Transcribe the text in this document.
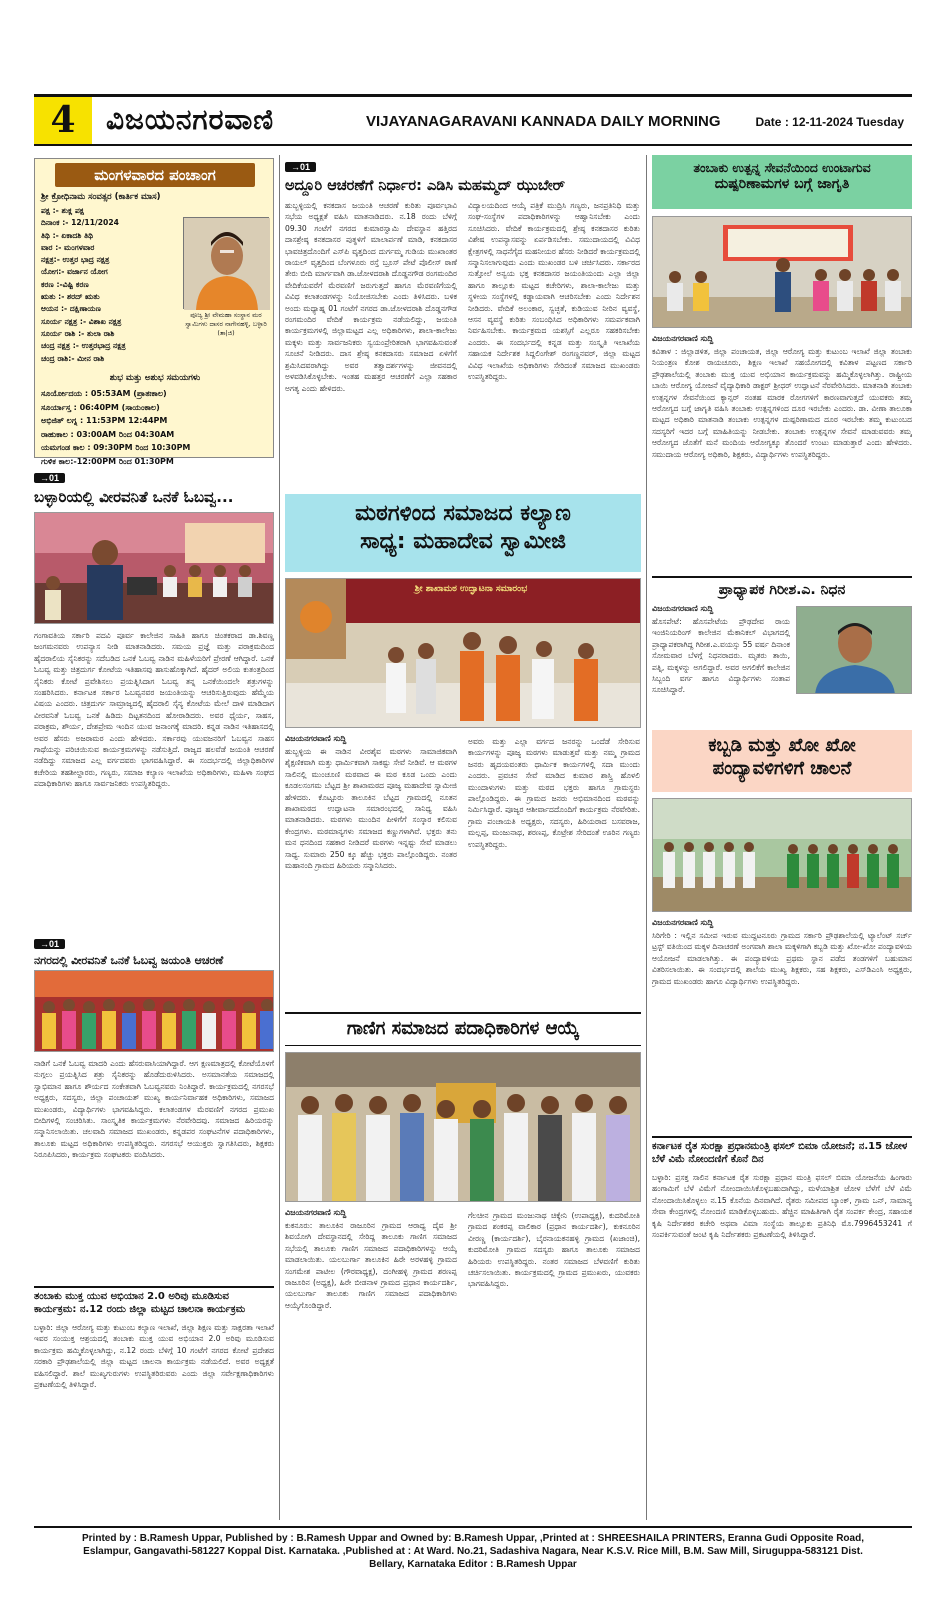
4	ವಿಜಯನಗರವಾಣಿ	VIJAYANAGARAVANI KANNADA DAILY MORNING	Date : 12-11-2024 Tuesday
ಮಂಗಳವಾರದ ಪಂಚಾಂಗ
ಶ್ರೀ ಕ್ರೋಧಿನಾಮ ಸಂವತ್ಸರ (ಕಾರ್ತಿಕ ಮಾಸ)
ಪಕ್ಷ :- ಶುಕ್ಲ ಪಕ್ಷ
ದಿನಾಂಕ :- 12/11/2024
ತಿಥಿ :- ಏಕಾದಶಿ ತಿಥಿ
ವಾರ :- ಮಂಗಳವಾರ
ನಕ್ಷತ್ರ:- ಉತ್ತರ ಭಾದ್ರ ನಕ್ಷತ್ರ
ಯೋಗ:- ವರ್ಜಾನ ಯೋಗ
ಕರಣ :-ವಿಷ್ಟಿ ಕರಣ
ಋತು :- ಶರದ್ ಋತು
ಆಯನ :- ದಕ್ಷಿಣಾಯಣ
ಸೂರ್ಯ ನಕ್ಷತ್ರ :- ವಿಶಾಖ ನಕ್ಷತ್ರ
ಸೂರ್ಯ ರಾಶಿ :- ತುಲಾ ರಾಶಿ
ಚಂದ್ರ ನಕ್ಷತ್ರ :- ಉತ್ತರಭಾದ್ರ ನಕ್ಷತ್ರ
ಚಂದ್ರ ರಾಶಿ:- ಮೀನ ರಾಶಿ
ಪೂಜ್ಯ ಶ್ರೀ ವೇಮಹಾ ಸಂಸ್ಥಾನ ಮಠ ಸ್ವಾಮಿಗಳು ದಾಸರ ನಾಗೇನಹಳ್ಳಿ, ಬಳ್ಳಾರಿ (ತಾ|ಜಿ)
ಶುಭ ಮತ್ತು ಅಶುಭ ಸಮಯಗಳು
ಸೂರ್ಯೋದಯ : 05:53AM (ಪ್ರಾತಃಕಾಲ)
ಸೂರ್ಯಾಸ್ತ : 06:40PM (ಸಾಯಂಕಾಲ)
ಅಭಿಜಿತ್ ಲಗ್ನ : 11:53PM 12:44PM
ರಾಹುಕಾಲ : 03:00AM ರಿಂದ 04:30AM
ಯಮಗಂಡ ಕಾಲ : 09:30PM ರಿಂದ 10:30PM
ಗುಳಿಕ ಕಾಲ:-12:00PM ರಿಂದ 01:30PM
→ 01
ಬಳ್ಳಾರಿಯಲ್ಲಿ ವೀರವನಿತೆ ಒನಕೆ ಓಬವ್ವ...
ಗಂಗಾವತಿಯ ಸರ್ಕಾರಿ ಪದವಿ ಪೂರ್ವ ಕಾಲೇಜಿನ ಸಾಹಿತಿ ಹಾಗೂ ಚಿಂತಕರಾದ ಡಾ.ಶಿವಣ್ಣ ಜಂಗಮನವರು ಉಪನ್ಯಾಸ ನೀಡಿ ಮಾತನಾಡಿದರು. ಸಮಯ ಪ್ರಜ್ಞೆ ಮತ್ತು ಪರಾಕ್ರಮದಿಂದ ಹೈದರಾಲಿಯ ಸೈನಿಕರನ್ನು ಸದೆಬಡಿದ ಒನಕೆ ಓಬವ್ವ ನಾಡಿನ ಮಹಿಳೆಯರಿಗೆ ಪ್ರೇರಣೆ ಆಗಿದ್ದಾರೆ. ಒನಕೆ ಓಬವ್ವ ಮತ್ತು ಚಿತ್ರದುರ್ಗ ಕೋಟೆಯ ಇತಿಹಾಸವು ಹಾಸುಹೊಕ್ಕಾಗಿದೆ. ಹೈದರ್ ಅಲಿಯ ಕುತಂತ್ರದಿಂದ ಸೈನಿಕರು ಕೋಟೆ ಪ್ರವೇಶಿಸಲು ಪ್ರಯತ್ನಿಸಿದಾಗ ಓಬವ್ವ ತನ್ನ ಒನಕೆಯಿಂದಲೇ ಶತ್ರುಗಳನ್ನು ಸಂಹರಿಸಿದರು. ಕರ್ನಾಟಕ ಸರ್ಕಾರ ಓಬವ್ವನವರ ಜಯಂತಿಯನ್ನು ಆಚರಿಸುತ್ತಿರುವುದು ಹೆಮ್ಮೆಯ ವಿಷಯ ಎಂದರು. ಚಿತ್ರದುರ್ಗ ಸಾಮ್ರಾಜ್ಯದಲ್ಲಿ ಹೈದರಾಲಿ ಸೈನ್ಯ ಕೋಟೆಯ ಮೇಲೆ ದಾಳಿ ಮಾಡಿದಾಗ ವೀರವನಿತೆ ಓಬವ್ವ ಒನಕೆ ಹಿಡಿದು ದಿಟ್ಟತನದಿಂದ ಹೋರಾಡಿದರು. ಅವರ ಧೈರ್ಯ, ಸಾಹಸ, ಪರಾಕ್ರಮ, ಶೌರ್ಯ, ದೇಶಪ್ರೇಮ ಇಂದಿನ ಯುವ ಜನಾಂಗಕ್ಕೆ ಮಾದರಿ. ಕನ್ನಡ ನಾಡಿನ ಇತಿಹಾಸದಲ್ಲಿ ಅವರ ಹೆಸರು ಅಜರಾಮರ ಎಂದು ಹೇಳಿದರು. ಸರ್ಕಾರವು ಯುವಜನರಿಗೆ ಓಬವ್ವನ ಸಾಹಸ ಗಾಥೆಯನ್ನು ಪರಿಚಯಿಸುವ ಕಾರ್ಯಕ್ರಮಗಳನ್ನು ನಡೆಸುತ್ತಿದೆ. ರಾಜ್ಯದ ಹಲವೆಡೆ ಜಯಂತಿ ಆಚರಣೆ ನಡೆದಿದ್ದು ಸಮಾಜದ ಎಲ್ಲ ವರ್ಗದವರು ಭಾಗವಹಿಸಿದ್ದಾರೆ. ಈ ಸಂದರ್ಭದಲ್ಲಿ ಜಿಲ್ಲಾಧಿಕಾರಿಗಳ ಕಚೇರಿಯ ತಹಶೀಲ್ದಾರರು, ಗಣ್ಯರು, ಸಮಾಜ ಕಲ್ಯಾಣ ಇಲಾಖೆಯ ಅಧಿಕಾರಿಗಳು, ಮಹಿಳಾ ಸಂಘದ ಪದಾಧಿಕಾರಿಗಳು ಹಾಗೂ ಸಾರ್ವಜನಿಕರು ಉಪಸ್ಥಿತರಿದ್ದರು.
→ 01
ನಗರದಲ್ಲಿ ವೀರವನಿತೆ ಒನಕೆ ಓಬವ್ವ ಜಯಂತಿ ಆಚರಣೆ
ನಾಡಿಗೆ ಒನಕೆ ಓಬವ್ವ ಮಾದರಿ ಎಂದು ಹೆಸರುವಾಸಿಯಾಗಿದ್ದಾರೆ. ಆಗ ಕ್ಷಣಮಾತ್ರದಲ್ಲಿ ಕೋಟೆಯೊಳಗೆ ನುಗ್ಗಲು ಪ್ರಯತ್ನಿಸಿದ ಶತ್ರು ಸೈನಿಕರನ್ನು ಹೊಡೆದುರುಳಿಸಿದರು. ಅಸಮಾನತೆಯ ಸಮಾಜದಲ್ಲಿ ಸ್ವಾಭಿಮಾನ ಹಾಗೂ ಶೌರ್ಯದ ಸಂಕೇತವಾಗಿ ಓಬವ್ವನವರು ನಿಂತಿದ್ದಾರೆ. ಕಾರ್ಯಕ್ರಮದಲ್ಲಿ ನಗರಸಭೆ ಅಧ್ಯಕ್ಷರು, ಸದಸ್ಯರು, ಜಿಲ್ಲಾ ಪಂಚಾಯತ್ ಮುಖ್ಯ ಕಾರ್ಯನಿರ್ವಾಹಕ ಅಧಿಕಾರಿಗಳು, ಸಮಾಜದ ಮುಖಂಡರು, ವಿದ್ಯಾರ್ಥಿಗಳು ಭಾಗವಹಿಸಿದ್ದರು. ಕಲಾತಂಡಗಳ ಮೆರವಣಿಗೆ ನಗರದ ಪ್ರಮುಖ ಬೀದಿಗಳಲ್ಲಿ ಸಂಚರಿಸಿತು. ಸಾಂಸ್ಕೃತಿಕ ಕಾರ್ಯಕ್ರಮಗಳು ನೆರವೇರಿದವು. ಸಮಾಜದ ಹಿರಿಯರನ್ನು ಸನ್ಮಾನಿಸಲಾಯಿತು. ಚಲವಾದಿ ಸಮಾಜದ ಮುಖಂಡರು, ಕನ್ನಡಪರ ಸಂಘಟನೆಗಳ ಪದಾಧಿಕಾರಿಗಳು, ತಾಲೂಕು ಮಟ್ಟದ ಅಧಿಕಾರಿಗಳು ಉಪಸ್ಥಿತರಿದ್ದರು. ನಗರಸಭೆ ಆಯುಕ್ತರು ಸ್ವಾಗತಿಸಿದರು, ಶಿಕ್ಷಕರು ನಿರೂಪಿಸಿದರು, ಕಾರ್ಯಕ್ರಮ ಸಂಘಟಕರು ವಂದಿಸಿದರು.
ತಂಬಾಕು ಮುಕ್ತ ಯುವ ಅಭಿಯಾನ 2.0 ಅರಿವು ಮೂಡಿಸುವ ಕಾರ್ಯಕ್ರಮ: ನ.12 ರಂದು ಜಿಲ್ಲಾ ಮಟ್ಟದ ಚಾಲನಾ ಕಾರ್ಯಕ್ರಮ
ಬಳ್ಳಾರಿ: ಜಿಲ್ಲಾ ಆರೋಗ್ಯ ಮತ್ತು ಕುಟುಂಬ ಕಲ್ಯಾಣ ಇಲಾಖೆ, ಜಿಲ್ಲಾ ಶಿಕ್ಷಣ ಮತ್ತು ಸಾಕ್ಷರತಾ ಇಲಾಖೆ ಇವರ ಸಂಯುಕ್ತ ಆಶ್ರಯದಲ್ಲಿ ತಂಬಾಕು ಮುಕ್ತ ಯುವ ಅಭಿಯಾನ 2.0 ಅರಿವು ಮೂಡಿಸುವ ಕಾರ್ಯಕ್ರಮ ಹಮ್ಮಿಕೊಳ್ಳಲಾಗಿದ್ದು, ನ.12 ರಂದು ಬೆಳಿಗ್ಗೆ 10 ಗಂಟೆಗೆ ನಗರದ ಕೋಟೆ ಪ್ರದೇಶದ ಸರಕಾರಿ ಪ್ರೌಢಶಾಲೆಯಲ್ಲಿ ಜಿಲ್ಲಾ ಮಟ್ಟದ ಚಾಲನಾ ಕಾರ್ಯಕ್ರಮ ನಡೆಯಲಿದೆ. ಅವರ ಅಧ್ಯಕ್ಷತೆ ವಹಿಸಲಿದ್ದಾರೆ. ಶಾಲೆ ಮುಖ್ಯಗುರುಗಳು ಉಪಸ್ಥಿತರಿರುವರು ಎಂದು ಜಿಲ್ಲಾ ಸರ್ವೇಕ್ಷಣಾಧಿಕಾರಿಗಳು ಪ್ರಕಟಣೆಯಲ್ಲಿ ತಿಳಿಸಿದ್ದಾರೆ.
→ 01
ಅದ್ದೂರಿ ಆಚರಣೆಗೆ ನಿರ್ಧಾರ: ಎಡಿಸಿ ಮಹಮ್ಮದ್ ಝುಬೇರ್
ಹುಬ್ಬಳ್ಳಿಯಲ್ಲಿ ಕನಕದಾಸ ಜಯಂತಿ ಆಚರಣೆ ಕುರಿತು ಪೂರ್ವಭಾವಿ ಸಭೆಯ ಅಧ್ಯಕ್ಷತೆ ವಹಿಸಿ ಮಾತನಾಡಿದರು. ನ.18 ರಂದು ಬೆಳಿಗ್ಗೆ 09.30 ಗಂಟೆಗೆ ನಗರದ ಕುಮಾರಸ್ವಾಮಿ ದೇವಸ್ಥಾನ ಹತ್ತಿರದ ದಾಸಶ್ರೇಷ್ಠ ಕನಕದಾಸರ ಪುತ್ಥಳಿಗೆ ಮಾಲಾರ್ಪಣೆ ಮಾಡಿ, ಕನಕದಾಸರ ಭಾವಚಿತ್ರದೊಂದಿಗೆ ಎಸ್‌ಪಿ ವೃತ್ತದಿಂದ ದುರ್ಗಮ್ಮ ಗುಡಿಯ ಮುಖಾಂತರ ರಾಯಲ್ ವೃತ್ತದಿಂದ ಬೆಂಗಳೂರು ರಸ್ತೆ ಬ್ರೂಸ್ ಪೇಟೆ ಪೊಲೀಸ್ ಠಾಣೆ ತೇರು ಬೀದಿ ಮಾರ್ಗವಾಗಿ ಡಾ.ಜೋಳದರಾಶಿ ದೊಡ್ಡನಗೌಡ ರಂಗಮಂದಿರ ವೇದಿಕೆಯವರೆಗೆ ಮೆರವಣಿಗೆ ಜರುಗುತ್ತದೆ ಹಾಗೂ ಮೆರವಣಿಗೆಯಲ್ಲಿ ವಿವಿಧ ಕಲಾತಂಡಗಳನ್ನು ನಿಯೋಜಿಸಬೇಕು ಎಂದು ತಿಳಿಸಿದರು. ಬಳಿಕ ಅಂದು ಮಧ್ಯಾಹ್ನ 01 ಗಂಟೆಗೆ ನಗರದ ಡಾ.ಜೋಳದರಾಶಿ ದೊಡ್ಡನಗೌಡ ರಂಗಮಂದಿರ ವೇದಿಕೆ ಕಾರ್ಯಕ್ರಮ ನಡೆಯಲಿದ್ದು, ಜಯಂತಿ ಕಾರ್ಯಕ್ರಮಗಳಲ್ಲಿ ಜಿಲ್ಲಾಮಟ್ಟದ ಎಲ್ಲ ಅಧಿಕಾರಿಗಳು, ಶಾಲಾ-ಕಾಲೇಜು ಮಕ್ಕಳು ಮತ್ತು ಸಾರ್ವಜನಿಕರು ಸ್ವಯಂಪ್ರೇರಿತರಾಗಿ ಭಾಗವಹಿಸುವಂತೆ ಸೂಚನೆ ನೀಡಿದರು. ದಾಸ ಶ್ರೇಷ್ಠ ಕನಕದಾಸರು ಸಮಾಜದ ಏಳಿಗೆಗೆ ಶ್ರಮಿಸಿದವರಾಗಿದ್ದು ಅವರ ತತ್ವಾದರ್ಶಗಳನ್ನು ಜೀವನದಲ್ಲಿ ಅಳವಡಿಸಿಕೊಳ್ಳಬೇಕು. ಇಂತಹ ಮಹತ್ತರ ಆಚರಣೆಗೆ ಎಲ್ಲಾ ಸಹಕಾರ ಅಗತ್ಯ ಎಂದು ಹೇಳಿದರು.
ವಿದ್ಯಾಲಯದಿಂದ ಆಯ್ಕೆ ಪತ್ರಿಕೆ ಮುದ್ರಿಸಿ ಗಣ್ಯರು, ಜನಪ್ರತಿನಿಧಿ ಮತ್ತು ಸಂಘ-ಸಂಸ್ಥೆಗಳ ಪದಾಧಿಕಾರಿಗಳನ್ನು ಆಹ್ವಾನಿಸಬೇಕು ಎಂದು ಸೂಚಿಸಿದರು. ವೇದಿಕೆ ಕಾರ್ಯಕ್ರಮದಲ್ಲಿ ಶ್ರೇಷ್ಠ ಕನಕದಾಸರ ಕುರಿತು ವಿಶೇಷ ಉಪನ್ಯಾಸವನ್ನು ಏರ್ಪಡಿಸಬೇಕು. ಸಮುದಾಯದಲ್ಲಿ ವಿವಿಧ ಕ್ಷೇತ್ರಗಳಲ್ಲಿ ಸಾಧನೆಗೈದ ಮಹನೀಯರ ಹೆಸರು ನೀಡಿದರೆ ಕಾರ್ಯಕ್ರಮದಲ್ಲಿ ಸನ್ಮಾನಿಸಲಾಗುವುದು ಎಂದು ಮುಖಂಡರ ಬಳಿ ಚರ್ಚಿಸಿದರು. ಸರ್ಕಾರದ ಸುತ್ತೋಲೆ ಅನ್ವಯ ಭಕ್ತ ಕನಕದಾಸರ ಜಯಂತಿಯಂದು ಎಲ್ಲಾ ಜಿಲ್ಲಾ ಹಾಗೂ ತಾಲ್ಲೂಕು ಮಟ್ಟದ ಕಚೇರಿಗಳು, ಶಾಲಾ-ಕಾಲೇಜು ಮತ್ತು ಸ್ಥಳೀಯ ಸಂಸ್ಥೆಗಳಲ್ಲಿ ಕಡ್ಡಾಯವಾಗಿ ಆಚರಿಸಬೇಕು ಎಂದು ನಿರ್ದೇಶನ ನೀಡಿದರು. ವೇದಿಕೆ ಅಲಂಕಾರ, ಸ್ವಚ್ಛತೆ, ಕುಡಿಯುವ ನೀರಿನ ವ್ಯವಸ್ಥೆ, ಆಸನ ವ್ಯವಸ್ಥೆ ಕುರಿತು ಸಂಬಂಧಿಸಿದ ಅಧಿಕಾರಿಗಳು ಸಮರ್ಪಕವಾಗಿ ನಿರ್ವಹಿಸಬೇಕು. ಕಾರ್ಯಕ್ರಮದ ಯಶಸ್ಸಿಗೆ ಎಲ್ಲರೂ ಸಹಕರಿಸಬೇಕು ಎಂದರು. ಈ ಸಂದರ್ಭದಲ್ಲಿ ಕನ್ನಡ ಮತ್ತು ಸಂಸ್ಕೃತಿ ಇಲಾಖೆಯ ಸಹಾಯಕ ನಿರ್ದೇಶಕ ಸಿದ್ದಲಿಂಗೇಶ್ ರಂಗಣ್ಣನವರ್, ಜಿಲ್ಲಾ ಮಟ್ಟದ ವಿವಿಧ ಇಲಾಖೆಯ ಅಧಿಕಾರಿಗಳು ಸೇರಿದಂತೆ ಸಮಾಜದ ಮುಖಂಡರು ಉಪಸ್ಥಿತರಿದ್ದರು.
ಮಠಗಳಿಂದ ಸಮಾಜದ ಕಲ್ಯಾಣ
ಸಾಧ್ಯ: ಮಹಾದೇವ ಸ್ವಾಮೀಜಿ
ಶ್ರೀ ಶಾಖಾಮಠ ಉದ್ಘಾಟನಾ ಸಮಾರಂಭ
ವಿಜಯನಗರವಾಣಿ ಸುದ್ದಿ
ಹುಬ್ಬಳ್ಳಿಯ ಈ ನಾಡಿನ ವೀರಶೈವ ಮಠಗಳು ಸಾಮಾಜಿಕವಾಗಿ ಶೈಕ್ಷಣಿಕವಾಗಿ ಮತ್ತು ಧಾರ್ಮಿಕವಾಗಿ ಸಾಕಷ್ಟು ಸೇವೆ ನೀಡಿವೆ. ಆ ಮಠಗಳ ಸಾಲಿನಲ್ಲಿ ಮುಂಚೂಣಿ ಮಠವಾದ ಈ ಮಠ ಕೂಡ ಒಂದು ಎಂದು ಕೂಡಲಸಂಗಮ ಬೆಟ್ಟದ ಶ್ರೀ ಶಾಖಾಮಠದ ಪೂಜ್ಯ ಮಹಾದೇವ ಸ್ವಾಮೀಜಿ ಹೇಳಿದರು. ಕೊಟ್ಟೂರು ತಾಲೂಕಿನ ಬೆಟ್ಟದ ಗ್ರಾಮದಲ್ಲಿ ನೂತನ ಶಾಖಾಮಠದ ಉದ್ಘಾಟನಾ ಸಮಾರಂಭದಲ್ಲಿ ಸಾನಿಧ್ಯ ವಹಿಸಿ ಮಾತನಾಡಿದರು. ಮಠಗಳು ಮುಂದಿನ ಪೀಳಿಗೆಗೆ ಸಂಸ್ಕಾರ ಕಲಿಸುವ ಕೇಂದ್ರಗಳು. ಮಠಮಾನ್ಯಗಳು ಸಮಾಜದ ಕಣ್ಣುಗಳಾಗಿವೆ. ಭಕ್ತರು ತನು ಮನ ಧನದಿಂದ ಸಹಕಾರ ನೀಡಿದರೆ ಮಠಗಳು ಇನ್ನಷ್ಟು ಸೇವೆ ಮಾಡಲು ಸಾಧ್ಯ. ಸುಮಾರು 250 ಕ್ಕೂ ಹೆಚ್ಚು ಭಕ್ತರು ಪಾಲ್ಗೊಂಡಿದ್ದರು. ನಂತರ ಮಹಾನಂದಿ ಗ್ರಾಮದ ಹಿರಿಯರು ಸನ್ಮಾನಿಸಿದರು.
ಅವರು ಮತ್ತು ಎಲ್ಲಾ ವರ್ಗದ ಜನರನ್ನು ಒಂದೆಡೆ ಸೇರಿಸುವ ಕಾರ್ಯಗಳನ್ನು ಪೂಜ್ಯ ಮಠಗಳು ಮಾಡುತ್ತವೆ ಮತ್ತು ನಮ್ಮ ಗ್ರಾಮದ ಜನರು ಹೃದಯವಂತರು ಧಾರ್ಮಿಕ ಕಾರ್ಯಗಳಲ್ಲಿ ಸದಾ ಮುಂದು ಎಂದರು. ಪ್ರವಚನ ಸೇವೆ ಮಾಡಿದ ಕುಮಾರ ಶಾಸ್ತ್ರಿ ಹೊಳಲಿ ಮುಂದಾಳುಗಳು ಮತ್ತು ಮಠದ ಭಕ್ತರು ಹಾಗೂ ಗ್ರಾಮಸ್ಥರು ಪಾಲ್ಗೊಂಡಿದ್ದರು. ಈ ಗ್ರಾಮದ ಜನರು ಅಭಿಮಾನದಿಂದ ಮಠವನ್ನು ನಿರ್ಮಿಸಿದ್ದಾರೆ. ಪೂಜ್ಯರ ಆಶೀರ್ವಾದದೊಂದಿಗೆ ಕಾರ್ಯಕ್ರಮ ನೆರವೇರಿತು. ಗ್ರಾಮ ಪಂಚಾಯತಿ ಅಧ್ಯಕ್ಷರು, ಸದಸ್ಯರು, ಹಿರಿಯರಾದ ಬಸವರಾಜ, ಮಲ್ಲಪ್ಪ, ಮಂಜುನಾಥ, ಶರಣಪ್ಪ, ಕೊಟ್ರೇಶ ಸೇರಿದಂತೆ ಊರಿನ ಗಣ್ಯರು ಉಪಸ್ಥಿತರಿದ್ದರು.
ಗಾಣಿಗ ಸಮಾಜದ ಪದಾಧಿಕಾರಿಗಳ ಆಯ್ಕೆ
ವಿಜಯನಗರವಾಣಿ ಸುದ್ದಿ
ಕುಕನೂರು: ತಾಲೂಕಿನ ರಾಜೂರಿನ ಗ್ರಾಮದ ಆರಾಧ್ಯ ದೈವ ಶ್ರೀ ಶಿವಯೋಗಿ ದೇವಸ್ಥಾನದಲ್ಲಿ ಸೇರಿದ್ದ ತಾಲೂಕು ಗಾಣಿಗ ಸಮಾಜದ ಸಭೆಯಲ್ಲಿ ತಾಲೂಕು ಗಾಣಿಗ ಸಮಾಜದ ಪದಾಧಿಕಾರಿಗಳನ್ನು ಆಯ್ಕೆ ಮಾಡಲಾಯಿತು. ಯಲಬುರ್ಗಾ ತಾಲೂಕಿನ ಹಿರೇ ಅರಳಹಳ್ಳಿ ಗ್ರಾಮದ ಸಂಗಮೇಶ ಪಾಟೀಲ (ಗೌರವಾಧ್ಯಕ್ಷ), ದಂಗೀಹಳ್ಳಿ ಗ್ರಾಮದ ಶರಣಪ್ಪ ರಾಜೂರಿನ (ಅಧ್ಯಕ್ಷ), ಹಿರೇ ಬೀಡನಾಳ ಗ್ರಾಮದ ಪ್ರಧಾನ ಕಾರ್ಯದರ್ಶಿ, ಯಲಬುರ್ಗಾ ತಾಲೂಕು ಗಾಣಿಗ ಸಮಾಜದ ಪದಾಧಿಕಾರಿಗಳು ಆಯ್ಕೆಗೊಂಡಿದ್ದಾರೆ.
ಗೆಲಚೀನ ಗ್ರಾಮದ ಮಂಜುನಾಥ ಚಿಕ್ಕೇನಿ (ಉಪಾಧ್ಯಕ್ಷ), ಕುದರಿಮೋತಿ ಗ್ರಾಮದ ಶಂಕರಪ್ಪ ವಾಲಿಕಾರ (ಪ್ರಧಾನ ಕಾರ್ಯದರ್ಶಿ), ಕುಕನೂರಿನ ವೀರಣ್ಣ (ಕಾರ್ಯದರ್ಶಿ), ಬೈರನಾಯಕನಹಳ್ಳಿ ಗ್ರಾಮದ (ಖಜಾಂಚಿ), ಕುದರಿಮೋತಿ ಗ್ರಾಮದ ಸದಸ್ಯರು ಹಾಗೂ ತಾಲೂಕು ಸಮಾಜದ ಹಿರಿಯರು ಉಪಸ್ಥಿತರಿದ್ದರು. ನಂತರ ಸಮಾಜದ ಬೆಳವಣಿಗೆ ಕುರಿತು ಚರ್ಚಿಸಲಾಯಿತು. ಕಾರ್ಯಕ್ರಮದಲ್ಲಿ ಗ್ರಾಮದ ಪ್ರಮುಖರು, ಯುವಕರು ಭಾಗವಹಿಸಿದ್ದರು.
ತಂಬಾಕು ಉತ್ಪನ್ನ ಸೇವನೆಯಿಂದ ಉಂಟಾಗುವ
ದುಷ್ಪರಿಣಾಮಗಳ ಬಗ್ಗೆ ಜಾಗೃತಿ
ವಿಜಯನಗರವಾಣಿ ಸುದ್ದಿ
ಕವಿತಾಳ : ಜಿಲ್ಲಾಡಳಿತ, ಜಿಲ್ಲಾ ಪಂಚಾಯತ, ಜಿಲ್ಲಾ ಆರೋಗ್ಯ ಮತ್ತು ಕುಟುಂಬ ಇಲಾಖೆ ಜಿಲ್ಲಾ ತಂಬಾಕು ನಿಯಂತ್ರಣ ಕೋಶ ರಾಯಚೂರು, ಶಿಕ್ಷಣ ಇಲಾಖೆ ಸಹಯೋಗದಲ್ಲಿ ಕವಿತಾಳ ಪಟ್ಟಣದ ಸರ್ಕಾರಿ ಪ್ರೌಢಶಾಲೆಯಲ್ಲಿ ತಂಬಾಕು ಮುಕ್ತ ಯುವ ಅಭಿಯಾನ ಕಾರ್ಯಕ್ರಮವನ್ನು ಹಮ್ಮಿಕೊಳ್ಳಲಾಗಿತ್ತು. ರಾಷ್ಟ್ರೀಯ ಬಾಯಿ ಆರೋಗ್ಯ ಯೋಜನೆ ವೈದ್ಯಾಧಿಕಾರಿ ಡಾಕ್ಟರ್ ಶ್ರೀಧರ್ ಉದ್ಘಾಟನೆ ನೆರವೇರಿಸಿದರು. ಮಾತನಾಡಿ ತಂಬಾಕು ಉತ್ಪನ್ನಗಳ ಸೇವನೆಯಿಂದ ಕ್ಯಾನ್ಸರ್ ನಂತಹ ಮಾರಕ ರೋಗಗಳಿಗೆ ಕಾರಣವಾಗುತ್ತದೆ ಯುವಕರು ತಮ್ಮ ಆರೋಗ್ಯದ ಬಗ್ಗೆ ಜಾಗೃತಿ ವಹಿಸಿ ತಂಬಾಕು ಉತ್ಪನ್ನಗಳಿಂದ ದೂರ ಇರಬೇಕು ಎಂದರು. ಡಾ. ವೀಣಾ ತಾಲೂಕಾ ಮಟ್ಟದ ಅಧಿಕಾರಿ ಮಾತನಾಡಿ ತಂಬಾಕು ಉತ್ಪನ್ನಗಳ ದುಷ್ಪರಿಣಾಮದ ದೂರ ಇರಬೇಕು ತಮ್ಮ ಕುಟುಂಬದ ಸದಸ್ಯರಿಗೆ ಇದರ ಬಗ್ಗೆ ಮಾಹಿತಿಯನ್ನು ನೀಡಬೇಕು. ತಂಬಾಕು ಉತ್ಪನ್ನಗಳ ಸೇವನೆ ಮಾಡುವವರು ತಮ್ಮ ಆರೋಗ್ಯದ ಜೊತೆಗೆ ಮನೆ ಮಂದಿಯ ಆರೋಗ್ಯಕ್ಕೂ ತೊಂದರೆ ಉಂಟು ಮಾಡುತ್ತಾರೆ ಎಂದು ಹೇಳಿದರು. ಸಮುದಾಯ ಆರೋಗ್ಯ ಅಧಿಕಾರಿ, ಶಿಕ್ಷಕರು, ವಿದ್ಯಾರ್ಥಿಗಳು ಉಪಸ್ಥಿತರಿದ್ದರು.
ಪ್ರಾಧ್ಯಾಪಕ ಗಿರೀಶ.ಎ. ನಿಧನ
ವಿಜಯನಗರವಾಣಿ ಸುದ್ದಿ
ಹೊಸಪೇಟೆ: ಹೊಸಪೇಟೆಯ ಪ್ರೌಢದೇವ ರಾಯ ಇಂಜಿನಿಯರಿಂಗ್ ಕಾಲೇಜಿನ ಮೆಕಾನಿಕಲ್ ವಿಭಾಗದಲ್ಲಿ ಪ್ರಾಧ್ಯಾಪಕರಾಗಿದ್ದ ಗಿರೀಶ.ಎ.ವಯಸ್ಸು 55 ವರ್ಷ ದಿನಾಂಕ ಸೋಮವಾರ ಬೆಳಗ್ಗೆ ನಿಧನರಾದರು. ಮೃತರು ತಾಯಿ, ಪತ್ನಿ, ಮಕ್ಕಳನ್ನು ಅಗಲಿದ್ದಾರೆ. ಅವರ ಅಗಲಿಕೆಗೆ ಕಾಲೇಜಿನ ಸಿಬ್ಬಂದಿ ವರ್ಗ ಹಾಗೂ ವಿದ್ಯಾರ್ಥಿಗಳು ಸಂತಾಪ ಸೂಚಿಸಿದ್ದಾರೆ.
ಕಬ್ಬಡಿ ಮತ್ತು ಖೋ ಖೋ
ಪಂದ್ಯಾವಳಿಗಳಿಗೆ ಚಾಲನೆ
ವಿಜಯನಗರವಾಣಿ ಸುದ್ದಿ
ಸಿರಿಗೇರಿ : ಇಲ್ಲಿನ ಸಮೀಪ ಇರುವ ಮುದ್ದಟನೂರು ಗ್ರಾಮದ ಸರ್ಕಾರಿ ಪ್ರೌಢಶಾಲೆಯಲ್ಲಿ ಟ್ಯಾಲೆಂಟ್ ಸರ್ಚ್ ಟ್ರಸ್ಟ್ ವತಿಯಿಂದ ಮಕ್ಕಳ ದಿನಾಚರಣೆ ಅಂಗವಾಗಿ ಶಾಲಾ ಮಕ್ಕಳಿಗಾಗಿ ಕಬ್ಬಡಿ ಮತ್ತು ಖೋ-ಖೋ ಪಂದ್ಯಾವಳಿಯ ಆಯೋಜನೆ ಮಾಡಲಾಗಿತ್ತು. ಈ ಪಂದ್ಯಾವಳಿಯ ಪ್ರಥಮ ಸ್ಥಾನ ಪಡೆದ ತಂಡಗಳಿಗೆ ಬಹುಮಾನ ವಿತರಿಸಲಾಯಿತು. ಈ ಸಂದರ್ಭದಲ್ಲಿ ಶಾಲೆಯ ಮುಖ್ಯ ಶಿಕ್ಷಕರು, ಸಹ ಶಿಕ್ಷಕರು, ಎಸ್‌ಡಿಎಂಸಿ ಅಧ್ಯಕ್ಷರು, ಗ್ರಾಮದ ಮುಖಂಡರು ಹಾಗೂ ವಿದ್ಯಾರ್ಥಿಗಳು ಉಪಸ್ಥಿತರಿದ್ದರು.
ಕರ್ನಾಟಕ ರೈತ ಸುರಕ್ಷಾ ಪ್ರಧಾನಮಂತ್ರಿ ಫಸಲ್ ಬಿಮಾ ಯೋಜನೆ; ನ.15 ಜೋಳ ಬೆಳೆ ವಿಮೆ ನೋಂದಣಿಗೆ ಕೊನೆ ದಿನ
ಬಳ್ಳಾರಿ: ಪ್ರಸಕ್ತ ಸಾಲಿನ ಕರ್ನಾಟಕ ರೈತ ಸುರಕ್ಷಾ ಪ್ರಧಾನ ಮಂತ್ರಿ ಫಸಲ್ ಬಿಮಾ ಯೋಜನೆಯ ಹಿಂಗಾರು ಹಂಗಾಮಿಗೆ ಬೆಳೆ ವಿಮೆಗೆ ನೋಂದಾಯಿಸಿಕೊಳ್ಳಬಹುದಾಗಿದ್ದು, ಮಳೆಯಾಶ್ರಿತ ಜೋಳ ಬೆಳೆಗೆ ಬೆಳೆ ವಿಮೆ ನೋಂದಾಯಿಸಿಕೊಳ್ಳಲು ನ.15 ಕೊನೆಯ ದಿನವಾಗಿದೆ. ರೈತರು ಸಮೀಪದ ಬ್ಯಾಂಕ್, ಗ್ರಾಮ ಒನ್, ಸಾಮಾನ್ಯ ಸೇವಾ ಕೇಂದ್ರಗಳಲ್ಲಿ ನೋಂದಣಿ ಮಾಡಿಕೊಳ್ಳಬಹುದು. ಹೆಚ್ಚಿನ ಮಾಹಿತಿಗಾಗಿ ರೈತ ಸಂಪರ್ಕ ಕೇಂದ್ರ, ಸಹಾಯಕ ಕೃಷಿ ನಿರ್ದೇಶಕರ ಕಚೇರಿ ಅಥವಾ ವಿಮಾ ಸಂಸ್ಥೆಯ ತಾಲ್ಲೂಕು ಪ್ರತಿನಿಧಿ ಮೊ.7996453241 ಗೆ ಸಂಪರ್ಕಿಸುವಂತೆ ಜಂಟಿ ಕೃಷಿ ನಿರ್ದೇಶಕರು ಪ್ರಕಟಣೆಯಲ್ಲಿ ತಿಳಿಸಿದ್ದಾರೆ.
Printed by : B.Ramesh Uppar, Published by : B.Ramesh Uppar and Owned by: B.Ramesh Uppar, ,Printed at : SHREESHAILA PRINTERS, Eranna Gudi Opposite Road,
Eslampur, Gangavathi-581227 Koppal Dist. Karnataka. ,Published at : At Ward. No.21, Sadashiva Nagara, Near K.S.V. Rice Mill, B.M. Saw Mill, Siruguppa-583121 Dist.
Bellary, Karnataka Editor : B.Ramesh Uppar
